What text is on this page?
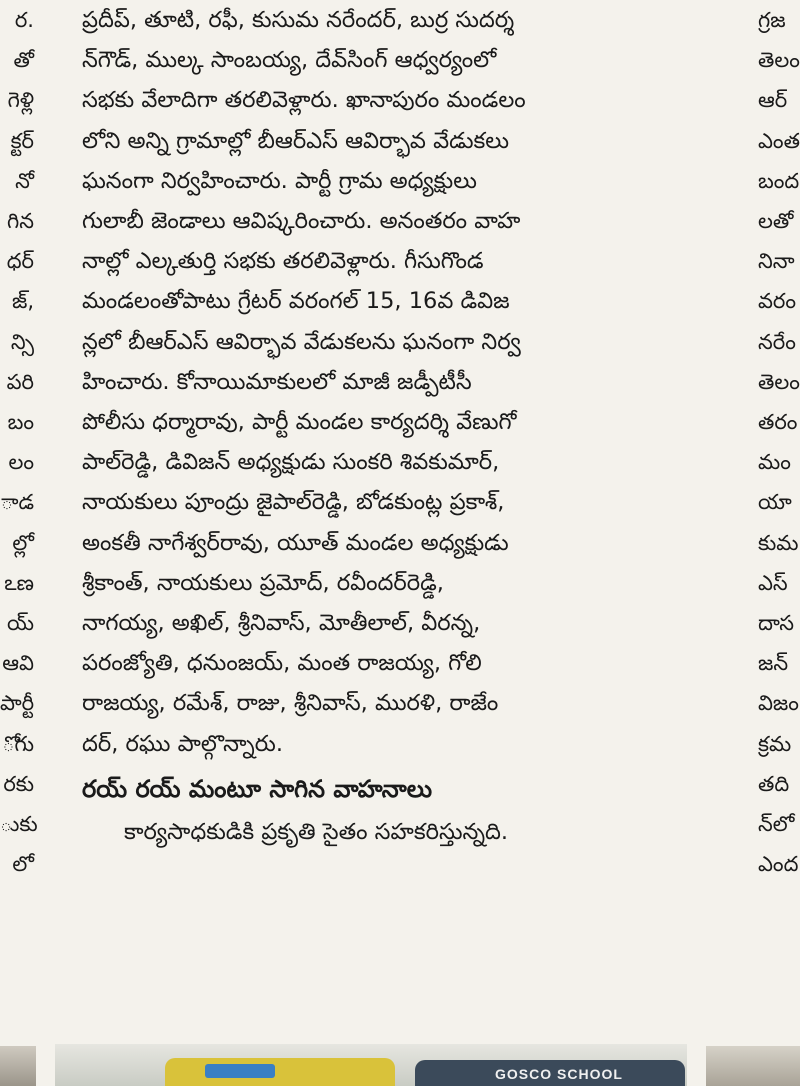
ర.
తో
గెళ్లి
క్టర్
నో
గిన
ధర్
జ్,
న్సి
పరి
బం
లం
ాడ
ల్లో
ఽణ
య్
ఆవి
పార్టీ
ోగు
రకు
ుకు
లో
ప్రదీప్, తూటి, రఫీ, కుసుమ నరేందర్, బుర్ర సుదర్శ
న్‌గౌడ్, ముల్క సాంబయ్య, దేవ్‌సింగ్ ఆధ్వర్యంలో
సభకు వేలాదిగా తరలివెళ్లారు. ఖానాపురం మండలం
లోని అన్ని గ్రామాల్లో బీఆర్ఎస్ ఆవిర్భావ వేడుకలు
ఘనంగా నిర్వహించారు. పార్టీ గ్రామ అధ్యక్షులు
గులాబీ జెండాలు ఆవిష్కరించారు. అనంతరం వాహ
నాల్లో ఎల్కతుర్తి సభకు తరలివెళ్లారు. గీసుగొండ
మండలంతోపాటు గ్రేటర్ వరంగల్ 15, 16వ డివిజ
న్లలో బీఆర్ఎస్ ఆవిర్భావ వేడుకలను ఘనంగా నిర్వ
హించారు. కోనాయిమాకులలో మాజీ జడ్పీటీసీ
పోలీసు ధర్మారావు, పార్టీ మండల కార్యదర్శి వేణుగో
పాల్‌రెడ్డి, డివిజన్ అధ్యక్షుడు సుంకరి శివకుమార్,
నాయకులు పూంద్రు జైపాల్‌రెడ్డి, బోడకుంట్ల ప్రకాశ్,
అంకతీ నాగేశ్వర్‌రావు, యూత్ మండల అధ్యక్షుడు
శ్రీకాంత్, నాయకులు ప్రమోద్, రవీందర్‌రెడ్డి,
నాగయ్య, అఖిల్, శ్రీనివాస్, మోతీలాల్, వీరన్న,
పరంజ్యోతి, ధనుంజయ్, మంత రాజయ్య, గోలి
రాజయ్య, రమేశ్, రాజు, శ్రీనివాస్, మురళి, రాజేం
దర్, రఘు పాల్గొన్నారు.
రయ్ రయ్ మంటూ సాగిన వాహనాలు
కార్యసాధకుడికి ప్రకృతి సైతం సహకరిస్తున్నది.
గ్రజ
తెలం
ఆర్
ఎంత
బంద
లతో
నినా
వరం
నరేం
తెలం
తరం
మం
యా
కుమ
ఎస్
దాస
జన్
విజం
క్రమ
తది
న్‌లో
ఎంద
GOSCO SCHOOL
